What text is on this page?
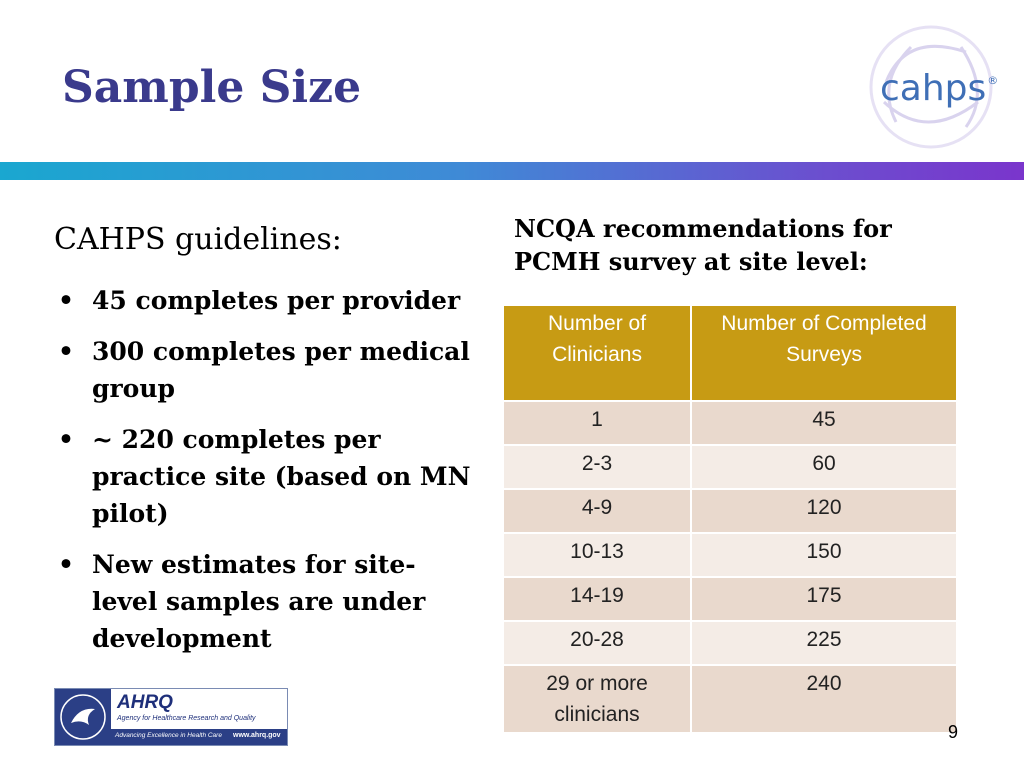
Sample Size	cahps®
CAHPS guidelines:
• 45 completes per provider
• 300 completes per medical group
• ~ 220 completes per practice site (based on MN pilot)
• New estimates for site-level samples are under development
NCQA recommendations for PCMH survey at site level:
Number of Clinicians	Number of Completed Surveys
1	45
2-3	60
4-9	120
10-13	150
14-19	175
20-28	225
29 or more clinicians	240
AHRQ
Agency for Healthcare Research and Quality
Advancing Excellence in Health Care www.ahrq.gov	9
